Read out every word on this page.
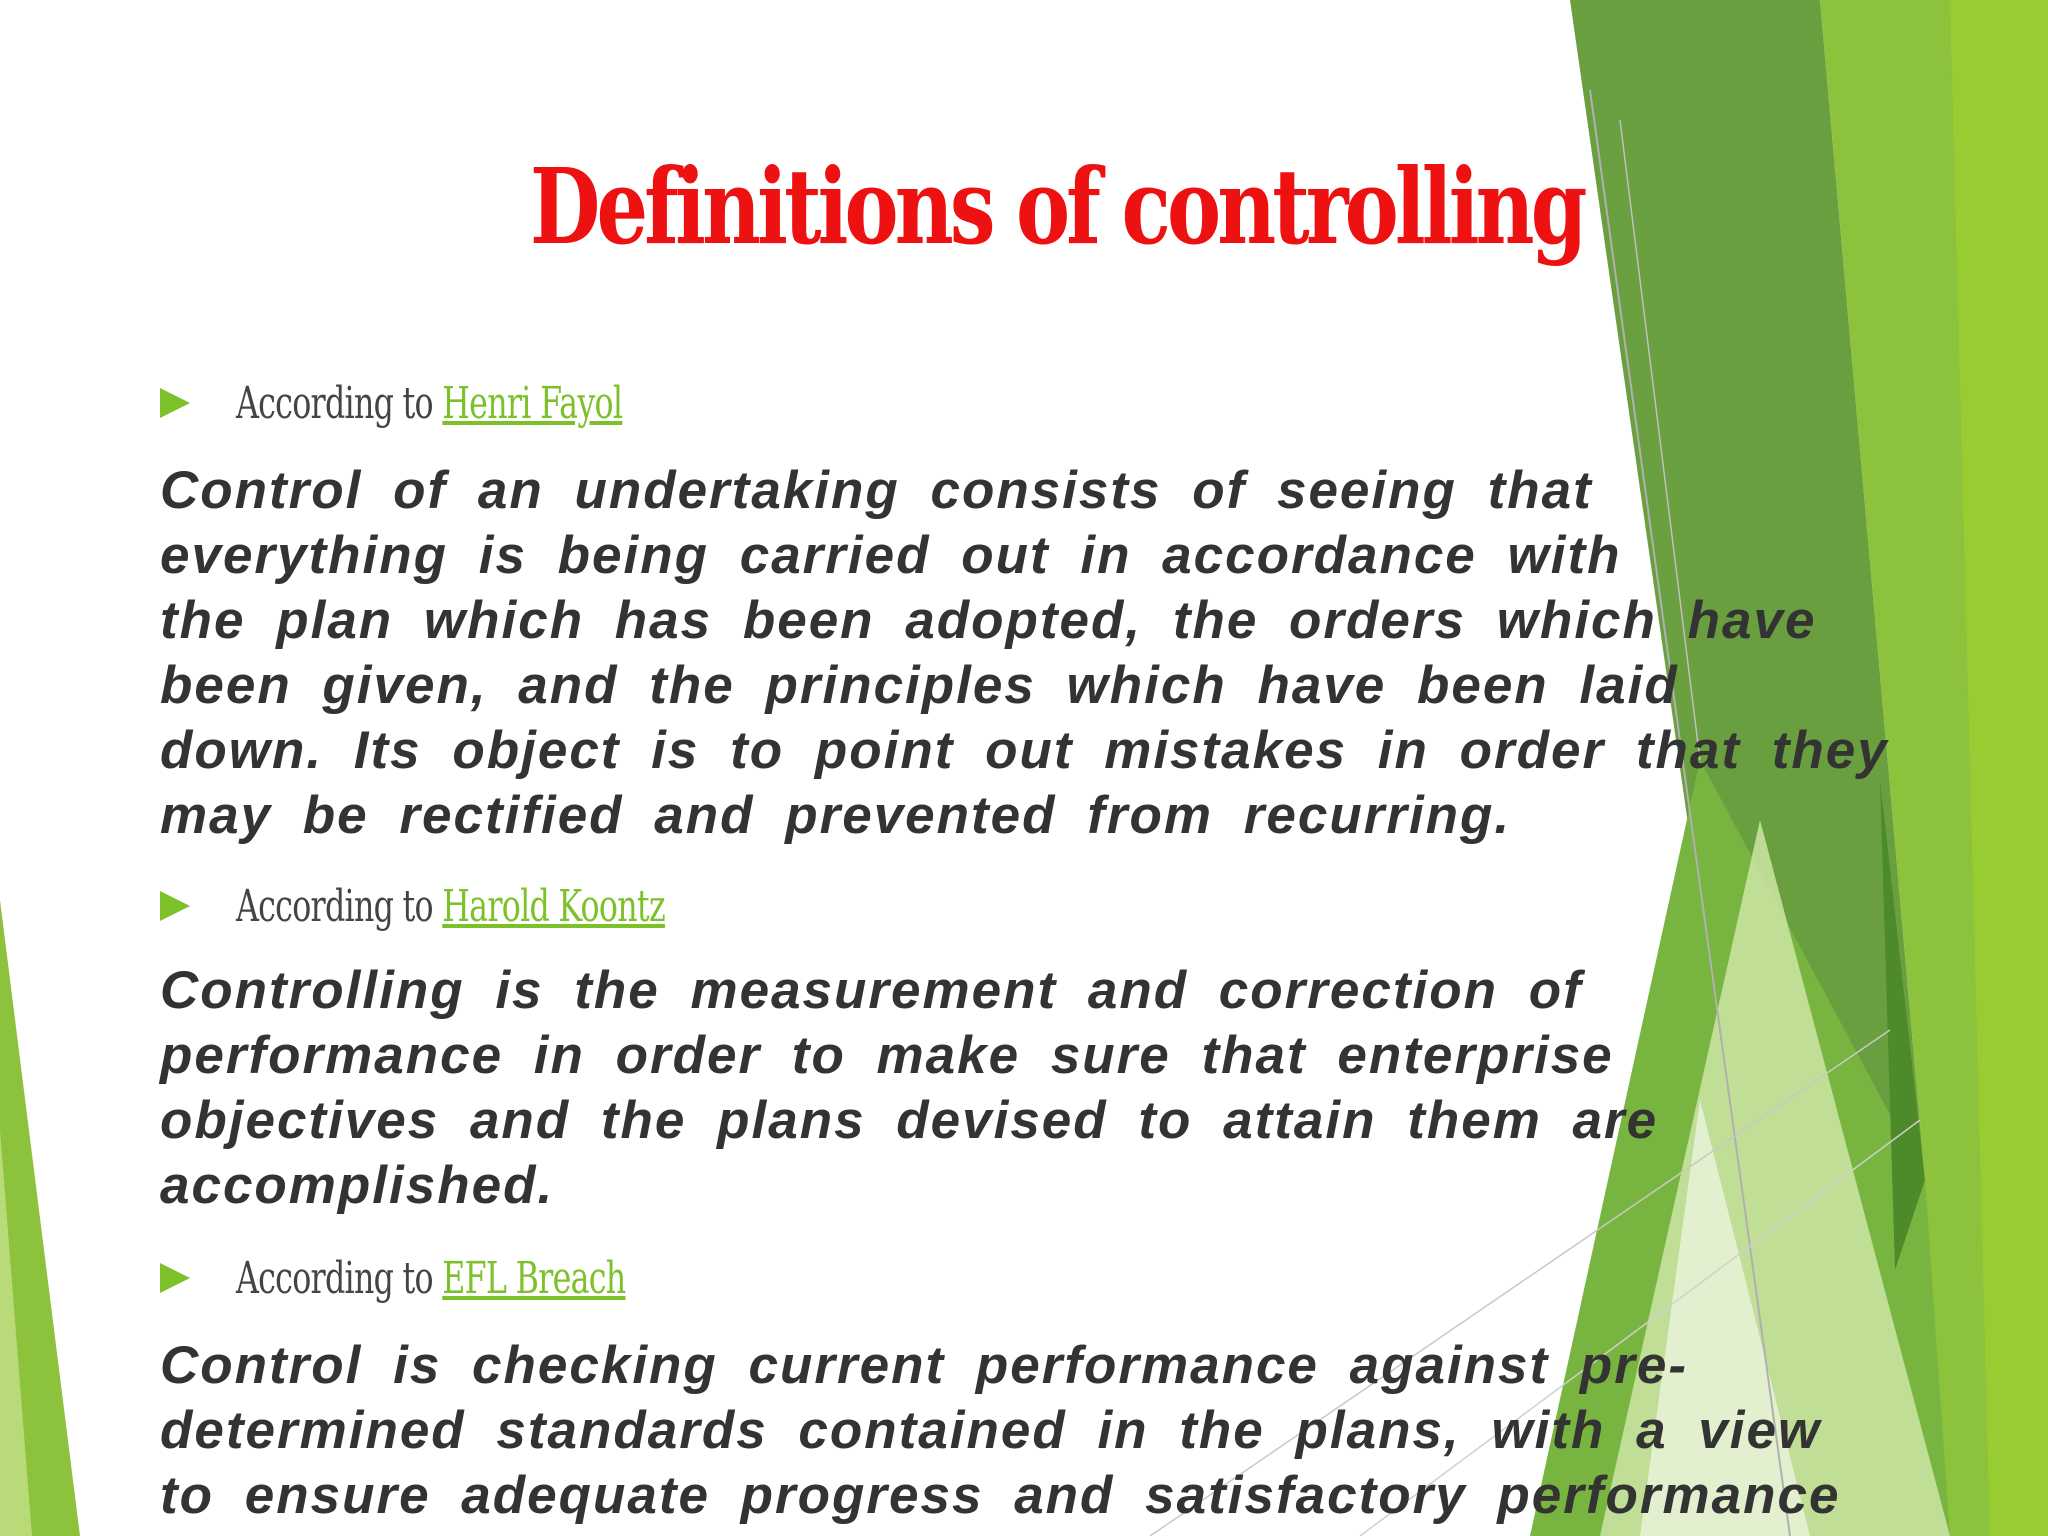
Definitions of controlling
According to Henri Fayol

Control of an undertaking consists of seeing that
everything is being carried out in accordance with
the plan which has been adopted, the orders which have
been given, and the principles which have been laid
down. Its object is to point out mistakes in order that they
may be rectified and prevented from recurring.

According to Harold Koontz

Controlling is the measurement and correction of
performance in order to make sure that enterprise
objectives and the plans devised to attain them are
accomplished.

According to EFL Breach

Control is checking current performance against pre-
determined standards contained in the plans, with a view
to ensure adequate progress and satisfactory performance
